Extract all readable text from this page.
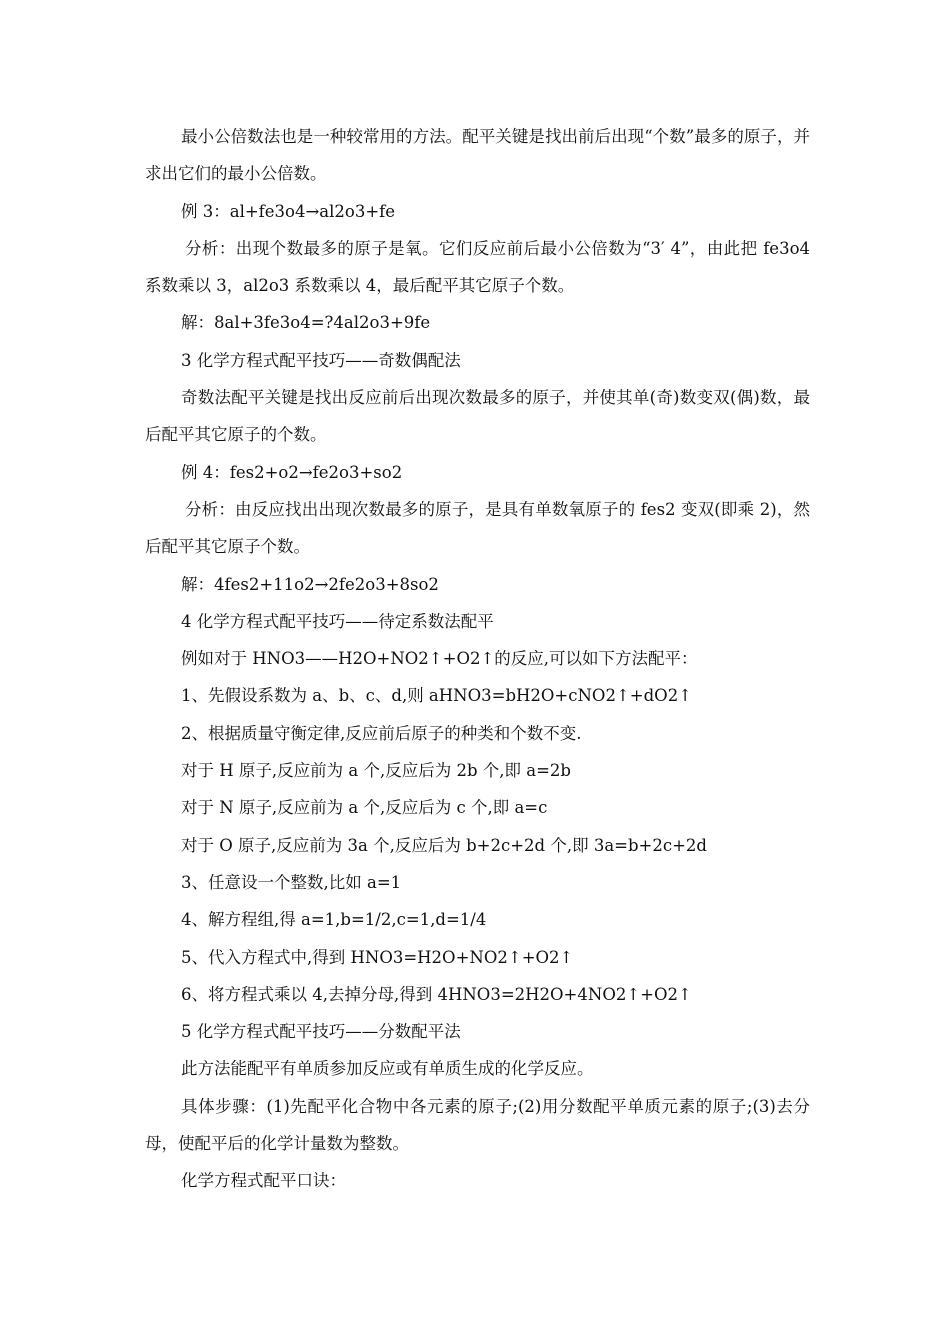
最小公倍数法也是一种较常用的方法。配平关键是找出前后出现“个数”最多的原子，并求出它们的最小公倍数。

例 3：al+fe3o4→al2o3+fe

分析：出现个数最多的原子是氧。它们反应前后最小公倍数为“3′ 4”，由此把 fe3o4 系数乘以 3，al2o3 系数乘以 4，最后配平其它原子个数。

解：8al+3fe3o4=?4al2o3+9fe

3 化学方程式配平技巧——奇数偶配法

奇数法配平关键是找出反应前后出现次数最多的原子，并使其单(奇)数变双(偶)数，最后配平其它原子的个数。

例 4：fes2+o2→fe2o3+so2

分析：由反应找出出现次数最多的原子，是具有单数氧原子的 fes2 变双(即乘 2)，然后配平其它原子个数。

解：4fes2+11o2→2fe2o3+8so2

4 化学方程式配平技巧——待定系数法配平

例如对于 HNO3——H2O+NO2↑+O2↑的反应,可以如下方法配平：

1、先假设系数为 a、b、c、d,则 aHNO3=bH2O+cNO2↑+dO2↑

2、根据质量守衡定律,反应前后原子的种类和个数不变.

对于 H 原子,反应前为 a 个,反应后为 2b 个,即 a=2b

对于 N 原子,反应前为 a 个,反应后为 c 个,即 a=c

对于 O 原子,反应前为 3a 个,反应后为 b+2c+2d 个,即 3a=b+2c+2d

3、任意设一个整数,比如 a=1

4、解方程组,得 a=1,b=1/2,c=1,d=1/4

5、代入方程式中,得到 HNO3=H2O+NO2↑+O2↑

6、将方程式乘以 4,去掉分母,得到 4HNO3=2H2O+4NO2↑+O2↑

5 化学方程式配平技巧——分数配平法

此方法能配平有单质参加反应或有单质生成的化学反应。

具体步骤：(1)先配平化合物中各元素的原子;(2)用分数配平单质元素的原子;(3)去分母，使配平后的化学计量数为整数。

化学方程式配平口诀：
